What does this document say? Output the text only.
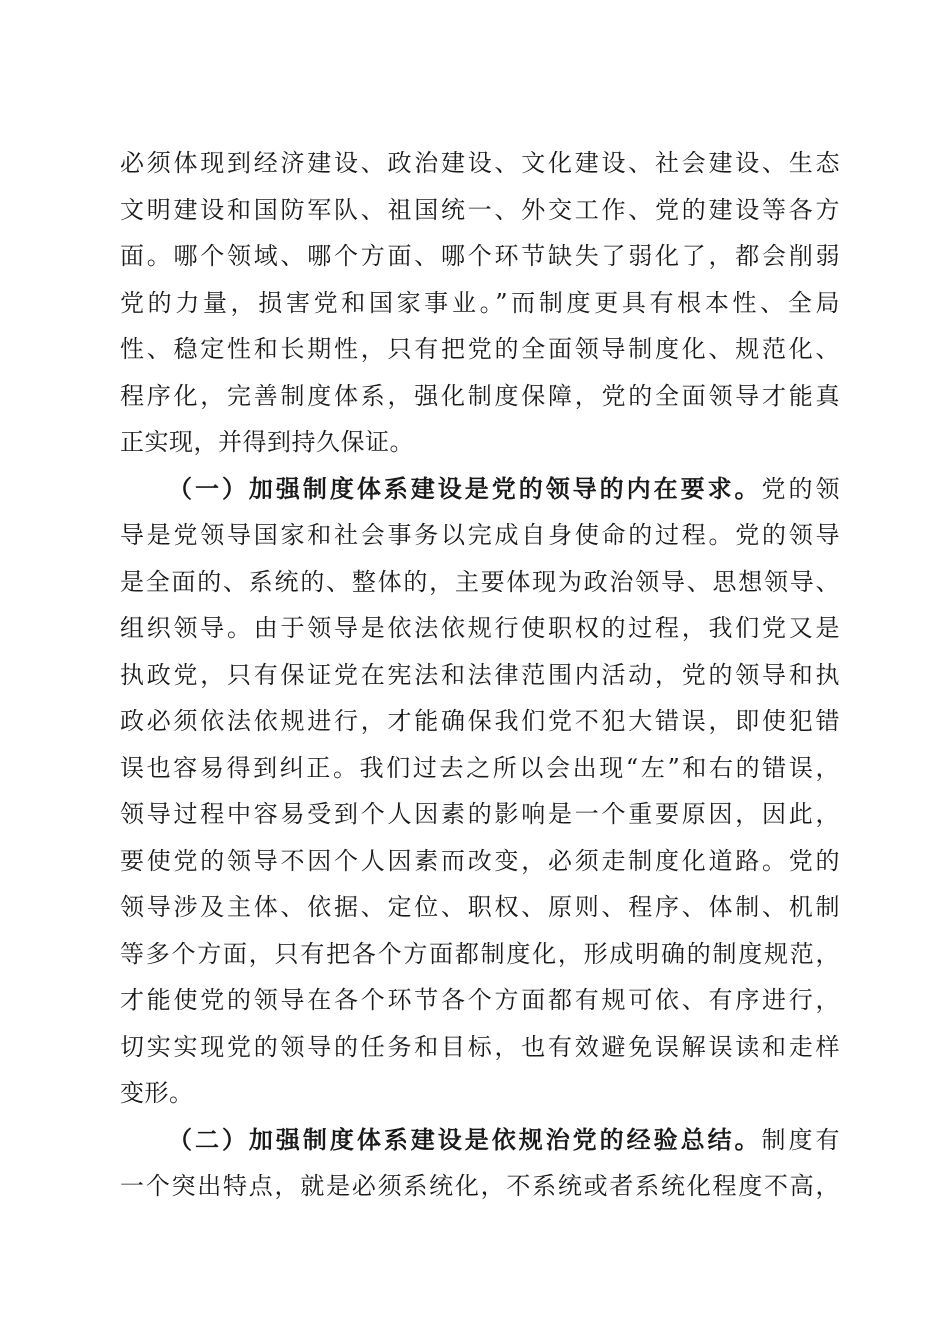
必须体现到经济建设、政治建设、文化建设、社会建设、生态
文明建设和国防军队、祖国统一、外交工作、党的建设等各方
面。哪个领域、哪个方面、哪个环节缺失了弱化了，都会削弱
党的力量，损害党和国家事业。”而制度更具有根本性、全局
性、稳定性和长期性，只有把党的全面领导制度化、规范化、
程序化，完善制度体系，强化制度保障，党的全面领导才能真
正实现，并得到持久保证。
（一）加强制度体系建设是党的领导的内在要求。党的领
导是党领导国家和社会事务以完成自身使命的过程。党的领导
是全面的、系统的、整体的，主要体现为政治领导、思想领导、
组织领导。由于领导是依法依规行使职权的过程，我们党又是
执政党，只有保证党在宪法和法律范围内活动，党的领导和执
政必须依法依规进行，才能确保我们党不犯大错误，即使犯错
误也容易得到纠正。我们过去之所以会出现“左”和右的错误，
领导过程中容易受到个人因素的影响是一个重要原因，因此，
要使党的领导不因个人因素而改变，必须走制度化道路。党的
领导涉及主体、依据、定位、职权、原则、程序、体制、机制
等多个方面，只有把各个方面都制度化，形成明确的制度规范，
才能使党的领导在各个环节各个方面都有规可依、有序进行，
切实实现党的领导的任务和目标，也有效避免误解误读和走样
变形。
（二）加强制度体系建设是依规治党的经验总结。制度有
一个突出特点，就是必须系统化，不系统或者系统化程度不高，
